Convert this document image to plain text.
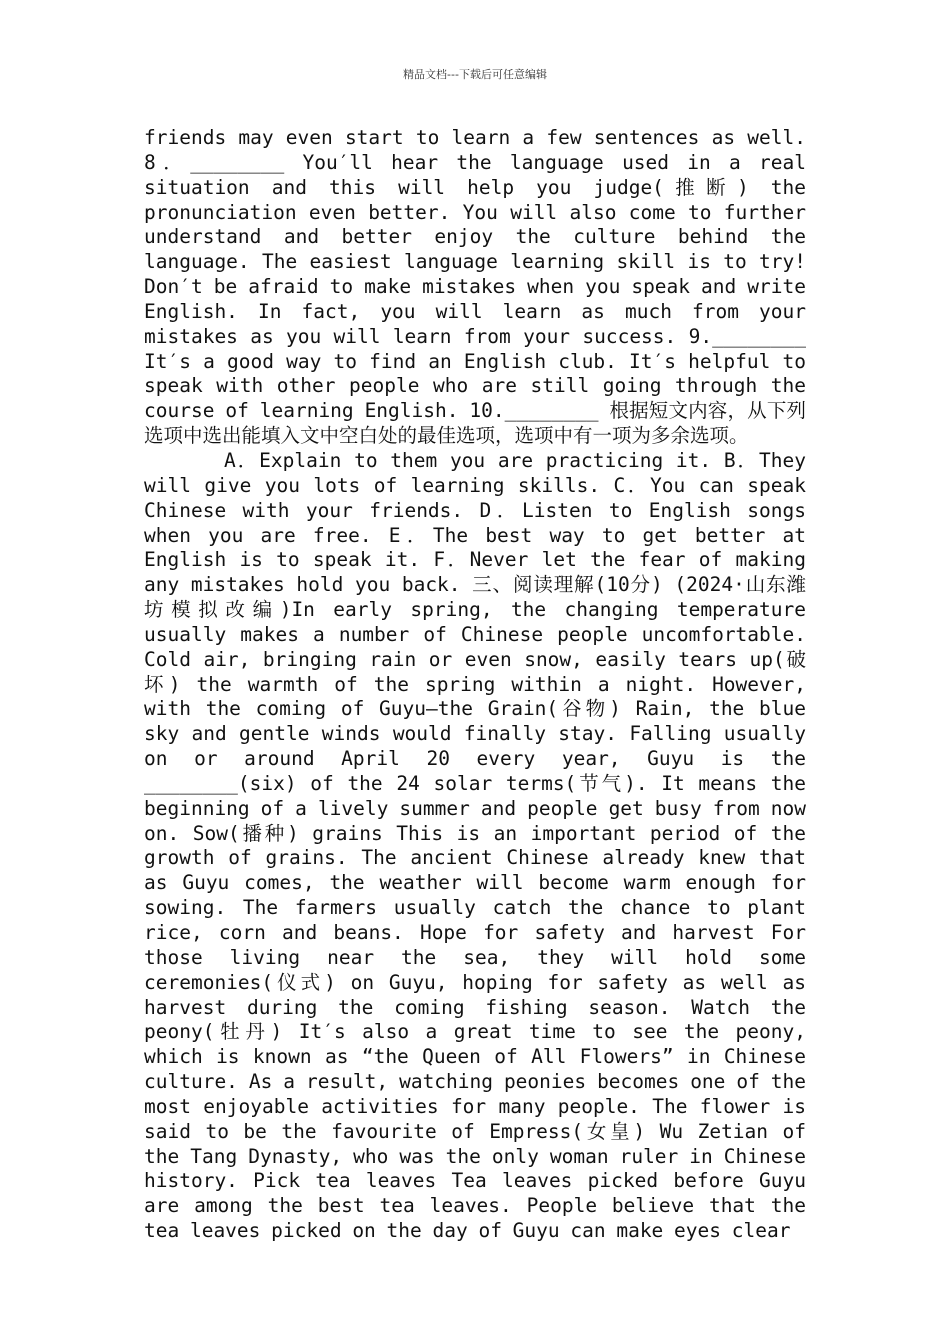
精品文档---下载后可任意编辑

friends may even start to learn a few sentences as well. 8．________ You′ll hear the language used in a real situation and this will help you judge(推断) the pronunciation even better. You will also come to further understand and better enjoy the culture behind the language. The easiest language learning skill is to try! Don′t be afraid to make mistakes when you speak and write English. In fact, you will learn as much from your mistakes as you will learn from your success. 9.________ It′s a good way to find an English club. It′s helpful to speak with other people who are still going through the course of learning English. 10.________ 根据短文内容，从下列选项中选出能填入文中空白处的最佳选项，选项中有一项为多余选项。

A．Explain to them you are practicing it. B．They will give you lots of learning skills. C．You can speak Chinese with your friends. D．Listen to English songs when you are free. E．The best way to get better at English is to speak it. F．Never let the fear of making any mistakes hold you back. 三、阅读理解(10分) (2024·山东潍坊模拟改编)In early spring, the changing temperature usually makes a number of Chinese people uncomfortable. Cold air, bringing rain or even snow, easily tears up(破坏) the warmth of the spring within a night. However, with the coming of Guyu—the Grain(谷物) Rain, the blue sky and gentle winds would finally stay. Falling usually on or around April 20 every year, Guyu is the ________(six) of the 24 solar terms(节气). It means the beginning of a lively summer and people get busy from now on. Sow(播种) grains This is an important period of the growth of grains. The ancient Chinese already knew that as Guyu comes, the weather will become warm enough for sowing. The farmers usually catch the chance to plant rice, corn and beans. Hope for safety and harvest For those living near the sea, they will hold some ceremonies(仪式) on Guyu, hoping for safety as well as harvest during the coming fishing season. Watch the peony(牡丹) It′s also a great time to see the peony, which is known as “the Queen of All Flowers” in Chinese culture. As a result, watching peonies becomes one of the most enjoyable activities for many people. The flower is said to be the favourite of Empress(女皇) Wu Zetian of the Tang Dynasty, who was the only woman ruler in Chinese history. Pick tea leaves Tea leaves picked before Guyu are among the best tea leaves. People believe that the tea leaves picked on the day of Guyu can make eyes clear
